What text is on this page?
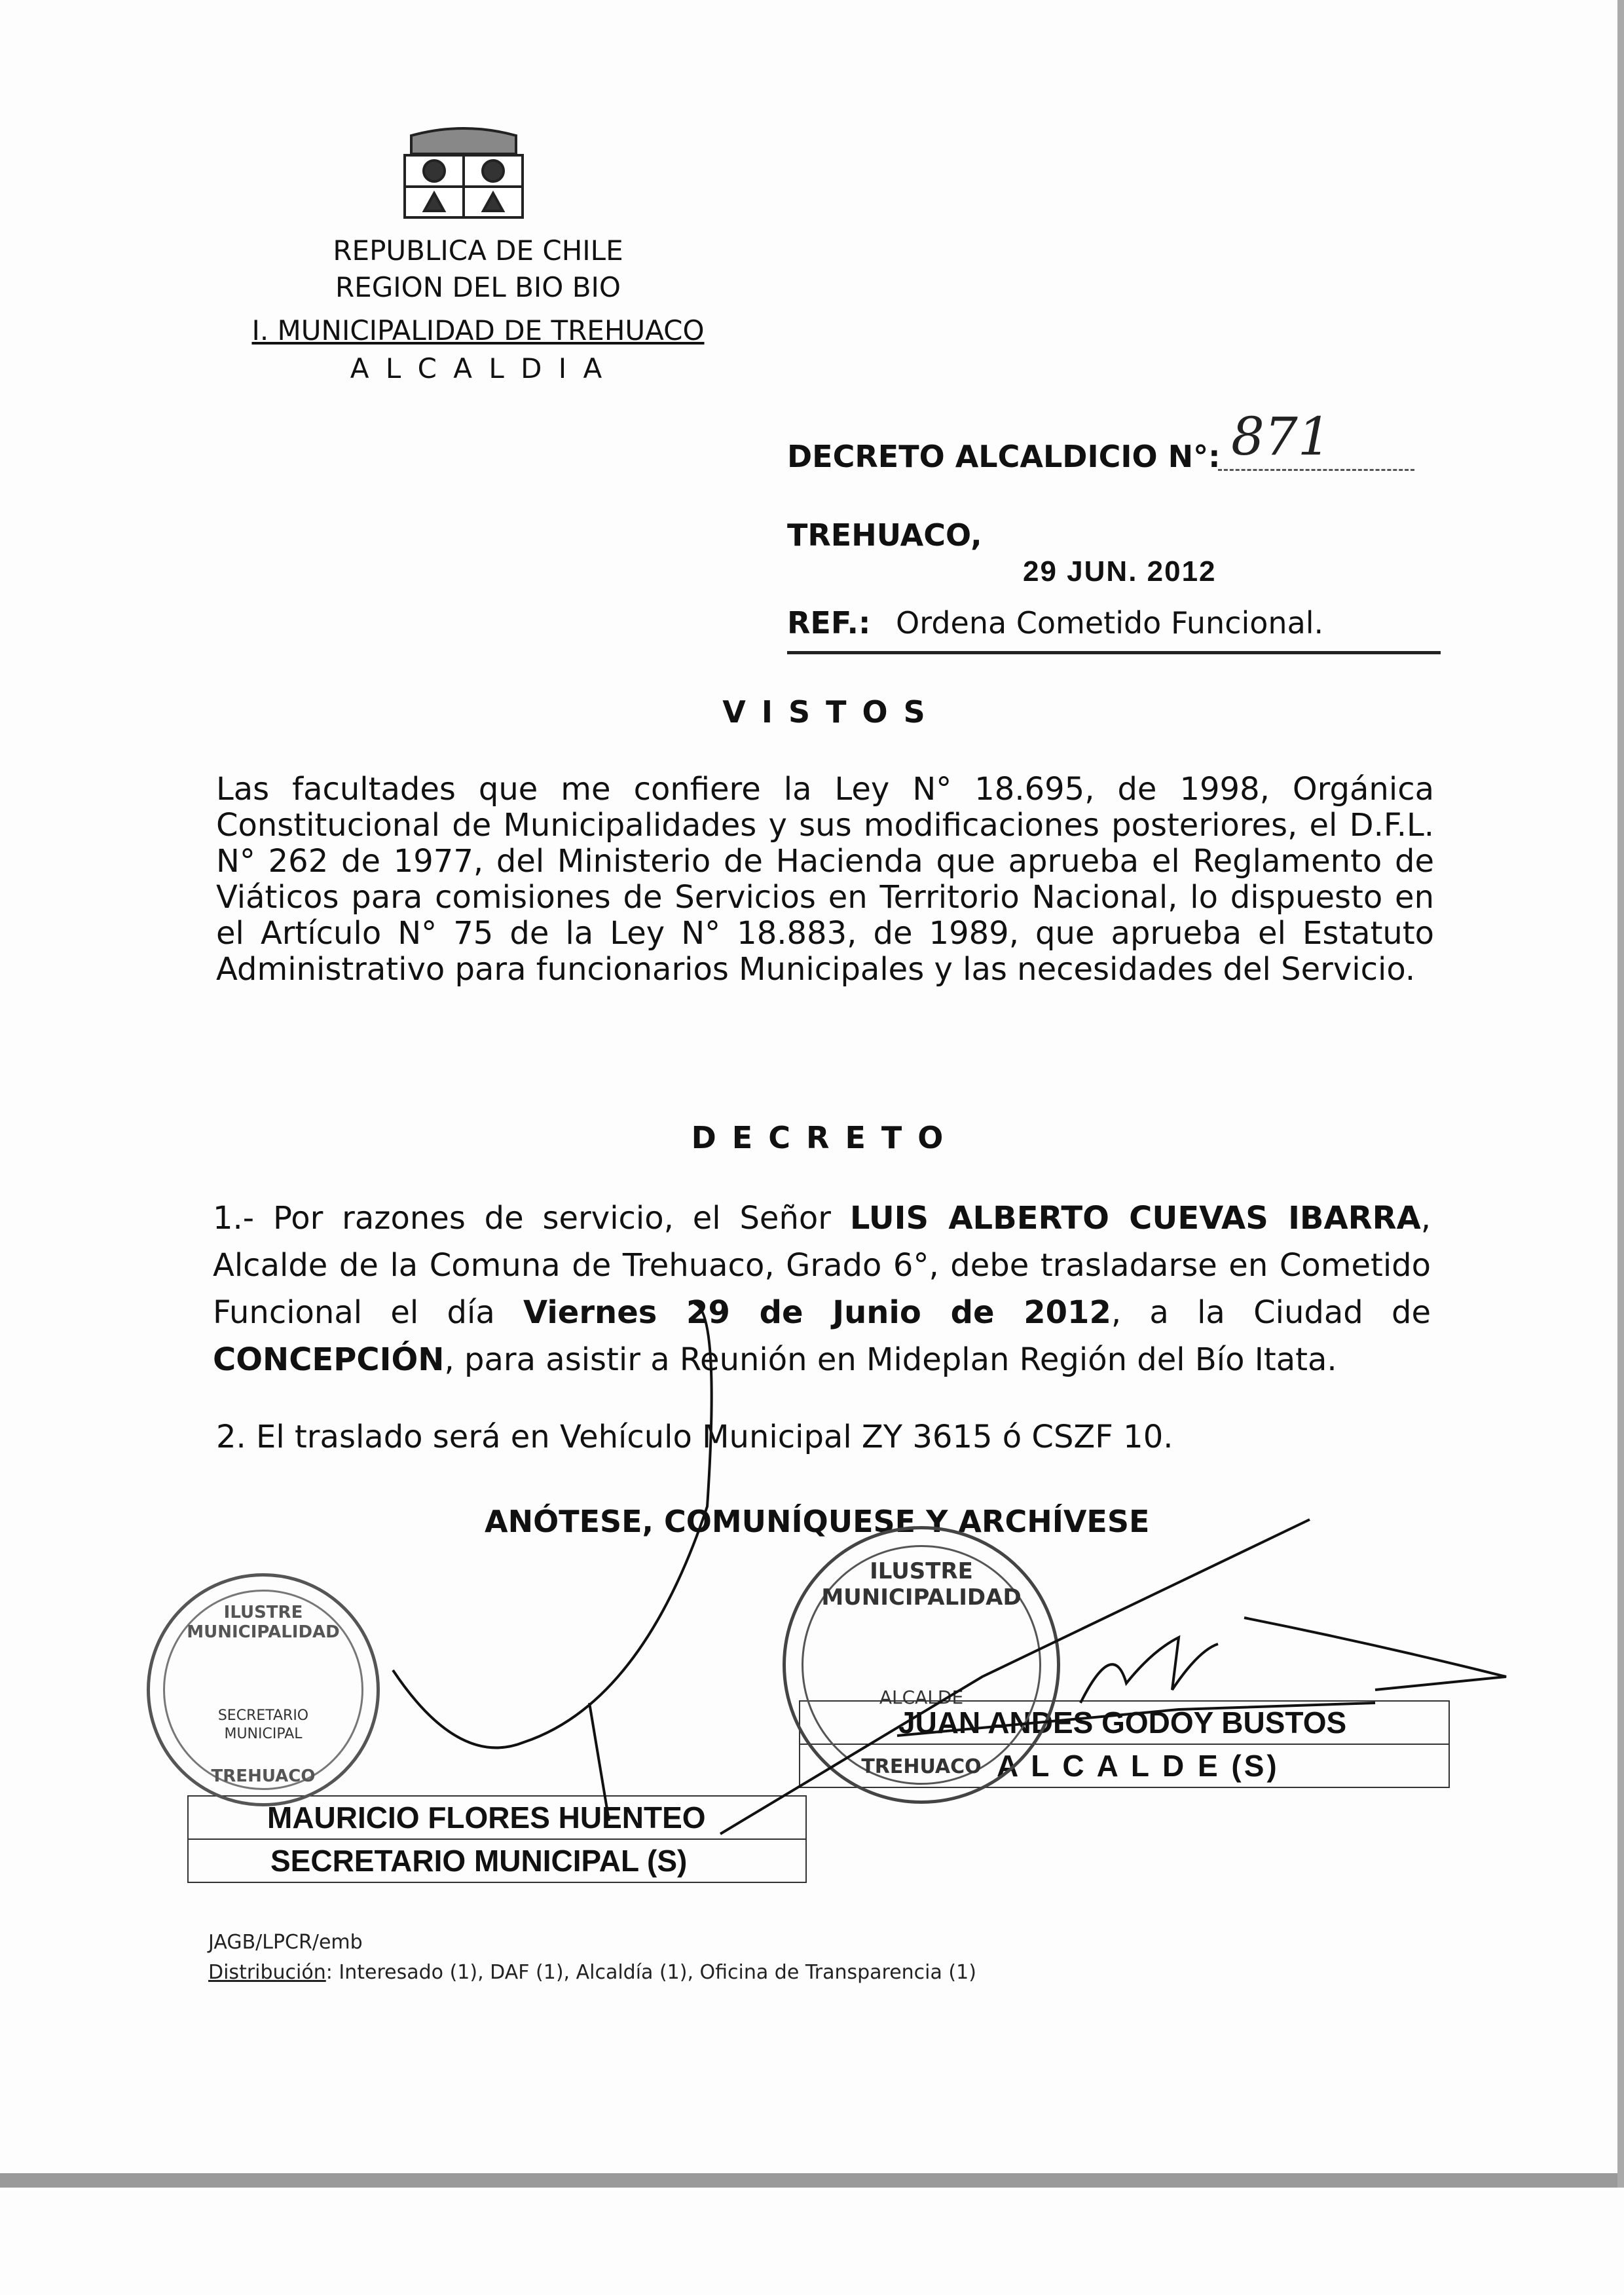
REPUBLICA DE CHILE
REGION DEL BIO BIO
I. MUNICIPALIDAD DE TREHUACO
A L C A L D I A
DECRETO ALCALDICIO N°: 871
TREHUACO,
29 JUN. 2012
REF.: Ordena Cometido Funcional.
V I S T O S
Las facultades que me confiere la Ley N° 18.695, de 1998, Orgánica Constitucional de Municipalidades y sus modificaciones posteriores, el D.F.L. N° 262 de 1977, del Ministerio de Hacienda que aprueba el Reglamento de Viáticos para comisiones de Servicios en Territorio Nacional, lo dispuesto en el Artículo N° 75 de la Ley N° 18.883, de 1989, que aprueba el Estatuto Administrativo para funcionarios Municipales y las necesidades del Servicio.
D E C R E T O
1.- Por razones de servicio, el Señor LUIS ALBERTO CUEVAS IBARRA, Alcalde de la Comuna de Trehuaco, Grado 6°, debe trasladarse en Cometido Funcional el día Viernes 29 de Junio de 2012, a la Ciudad de CONCEPCIÓN, para asistir a Reunión en Mideplan Región del Bío Itata.
2. El traslado será en Vehículo Municipal ZY 3615 ó CSZF 10.
ANÓTESE, COMUNÍQUESE Y ARCHÍVESE
JUAN ANDES GODOY BUSTOS
A L C A L D E (S)
MAURICIO FLORES HUENTEO
SECRETARIO MUNICIPAL (S)
ILUSTRE MUNICIPALIDAD
SECRETARIO
MUNICIPAL
TREHUACO
ILUSTRE MUNICIPALIDAD
ALCALDE
TREHUACO
JAGB/LPCR/emb
Distribución: Interesado (1), DAF (1), Alcaldía (1), Oficina de Transparencia (1)
